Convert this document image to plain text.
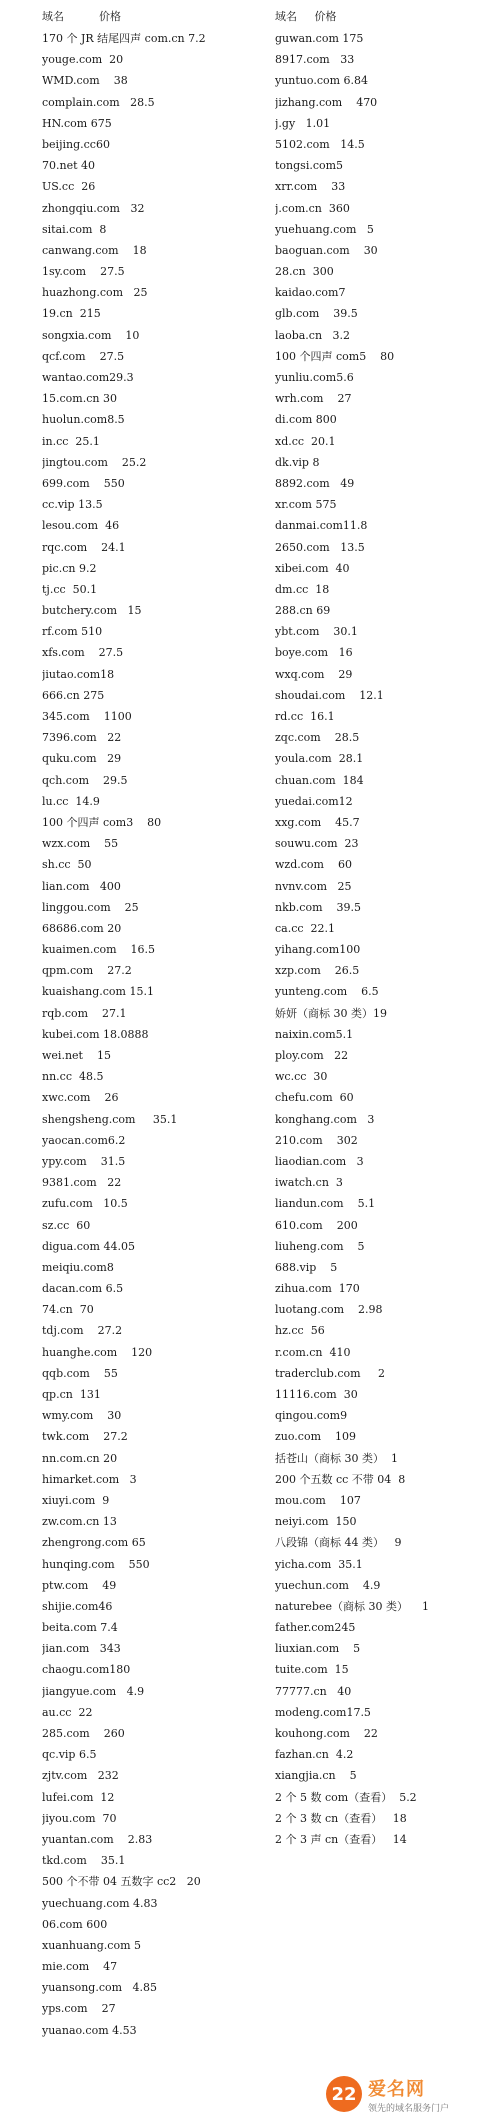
域名	价格
170 个 JR 结尾四声 com.cn 7.2
youge.com  20
WMD.com    38
complain.com   28.5
HN.com 675
beijing.cc60
70.net 40
US.cc  26
zhongqiu.com   32
sitai.com  8
canwang.com    18
1sy.com    27.5
huazhong.com   25
19.cn  215
songxia.com    10
qcf.com    27.5
wantao.com29.3
15.com.cn 30
huolun.com8.5
in.cc  25.1
jingtou.com    25.2
699.com    550
cc.vip 13.5
lesou.com  46
rqc.com    24.1
pic.cn 9.2
tj.cc  50.1
butchery.com   15
rf.com 510
xfs.com    27.5
jiutao.com18
666.cn 275
345.com    1100
7396.com   22
quku.com   29
qch.com    29.5
lu.cc  14.9
100 个四声 com3    80
wzx.com    55
sh.cc  50
lian.com   400
linggou.com    25
68686.com 20
kuaimen.com    16.5
qpm.com    27.2
kuaishang.com 15.1
rqb.com    27.1
kubei.com 18.0888
wei.net    15
nn.cc  48.5
xwc.com    26
shengsheng.com     35.1
yaocan.com6.2
ypy.com    31.5
9381.com   22
zufu.com   10.5
sz.cc  60
digua.com 44.05
meiqiu.com8
dacan.com 6.5
74.cn  70
tdj.com    27.2
huanghe.com    120
qqb.com    55
qp.cn  131
wmy.com    30
twk.com    27.2
nn.com.cn 20
himarket.com   3
xiuyi.com  9
zw.com.cn 13
zhengrong.com 65
hunqing.com    550
ptw.com    49
shijie.com46
beita.com 7.4
jian.com   343
chaogu.com180
jiangyue.com   4.9
au.cc  22
285.com    260
qc.vip 6.5
zjtv.com   232
lufei.com  12
jiyou.com  70
yuantan.com    2.83
tkd.com    35.1
500 个不带 04 五数字 cc2   20
yuechuang.com 4.83
06.com 600
xuanhuang.com 5
mie.com    47
yuansong.com   4.85
yps.com    27
yuanao.com 4.53
域名 价格
guwan.com 175
8917.com   33
yuntuo.com 6.84
jizhang.com    470
j.gy   1.01
5102.com   14.5
tongsi.com5
xrr.com    33
j.com.cn  360
yuehuang.com   5
baoguan.com    30
28.cn  300
kaidao.com7
glb.com    39.5
laoba.cn   3.2
100 个四声 com5    80
yunliu.com5.6
wrh.com    27
di.com 800
xd.cc  20.1
dk.vip 8
8892.com   49
xr.com 575
danmai.com11.8
2650.com   13.5
xibei.com  40
dm.cc  18
288.cn 69
ybt.com    30.1
boye.com   16
wxq.com    29
shoudai.com    12.1
rd.cc  16.1
zqc.com    28.5
youla.com  28.1
chuan.com  184
yuedai.com12
xxg.com    45.7
souwu.com  23
wzd.com    60
nvnv.com   25
nkb.com    39.5
ca.cc  22.1
yihang.com100
xzp.com    26.5
yunteng.com    6.5
娇妍（商标 30 类）19
naixin.com5.1
ploy.com   22
wc.cc  30
chefu.com  60
konghang.com   3
210.com    302
liaodian.com   3
iwatch.cn  3
liandun.com    5.1
610.com    200
liuheng.com    5
688.vip    5
zihua.com  170
luotang.com    2.98
hz.cc  56
r.com.cn  410
traderclub.com     2
11116.com  30
qingou.com9
zuo.com    109
括苍山（商标 30 类）  1
200 个五数 cc 不带 04  8
mou.com    107
neiyi.com  150
八段锦（商标 44 类）   9
yicha.com  35.1
yuechun.com    4.9
naturebee（商标 30 类）    1
father.com245
liuxian.com    5
tuite.com  15
77777.cn   40
modeng.com17.5
kouhong.com    22
fazhan.cn  4.2
xiangjia.cn    5
2 个 5 数 com（查看）  5.2
2 个 3 数 cn（查看）   18
2 个 3 声 cn（查看）   14
22 爱名网
领先的域名服务门户
